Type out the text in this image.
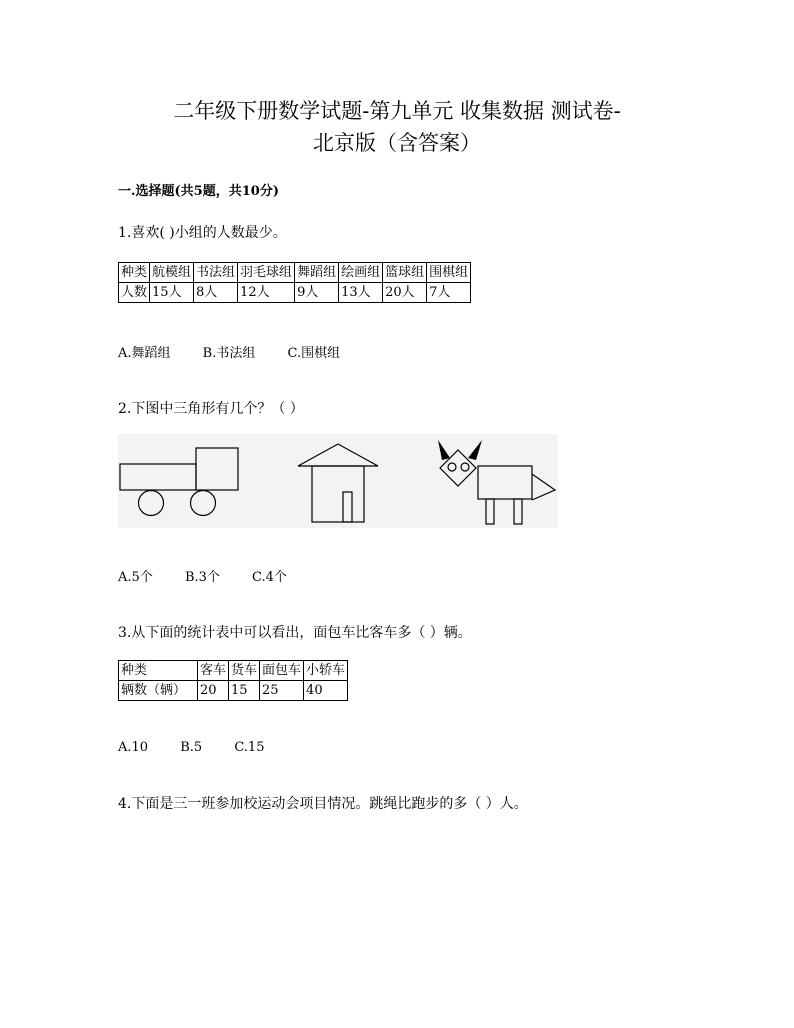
二年级下册数学试题-第九单元 收集数据 测试卷-
北京版（含答案）
一.选择题(共5题，共10分)
1.喜欢( )小组的人数最少。
种类	航模组	书法组	羽毛球组	舞蹈组	绘画组	篮球组	围棋组
人数	15人	8人	12人	9人	13人	20人	7人
A.舞蹈组 B.书法组 C.围棋组
2.下图中三角形有几个？（ ）
A.5个 B.3个 C.4个
3.从下面的统计表中可以看出，面包车比客车多（ ）辆。
种类	客车	货车	面包车	小轿车
辆数（辆）	20	15	25	40
A.10 B.5 C.15
4.下面是三一班参加校运动会项目情况。跳绳比跑步的多（ ）人。
